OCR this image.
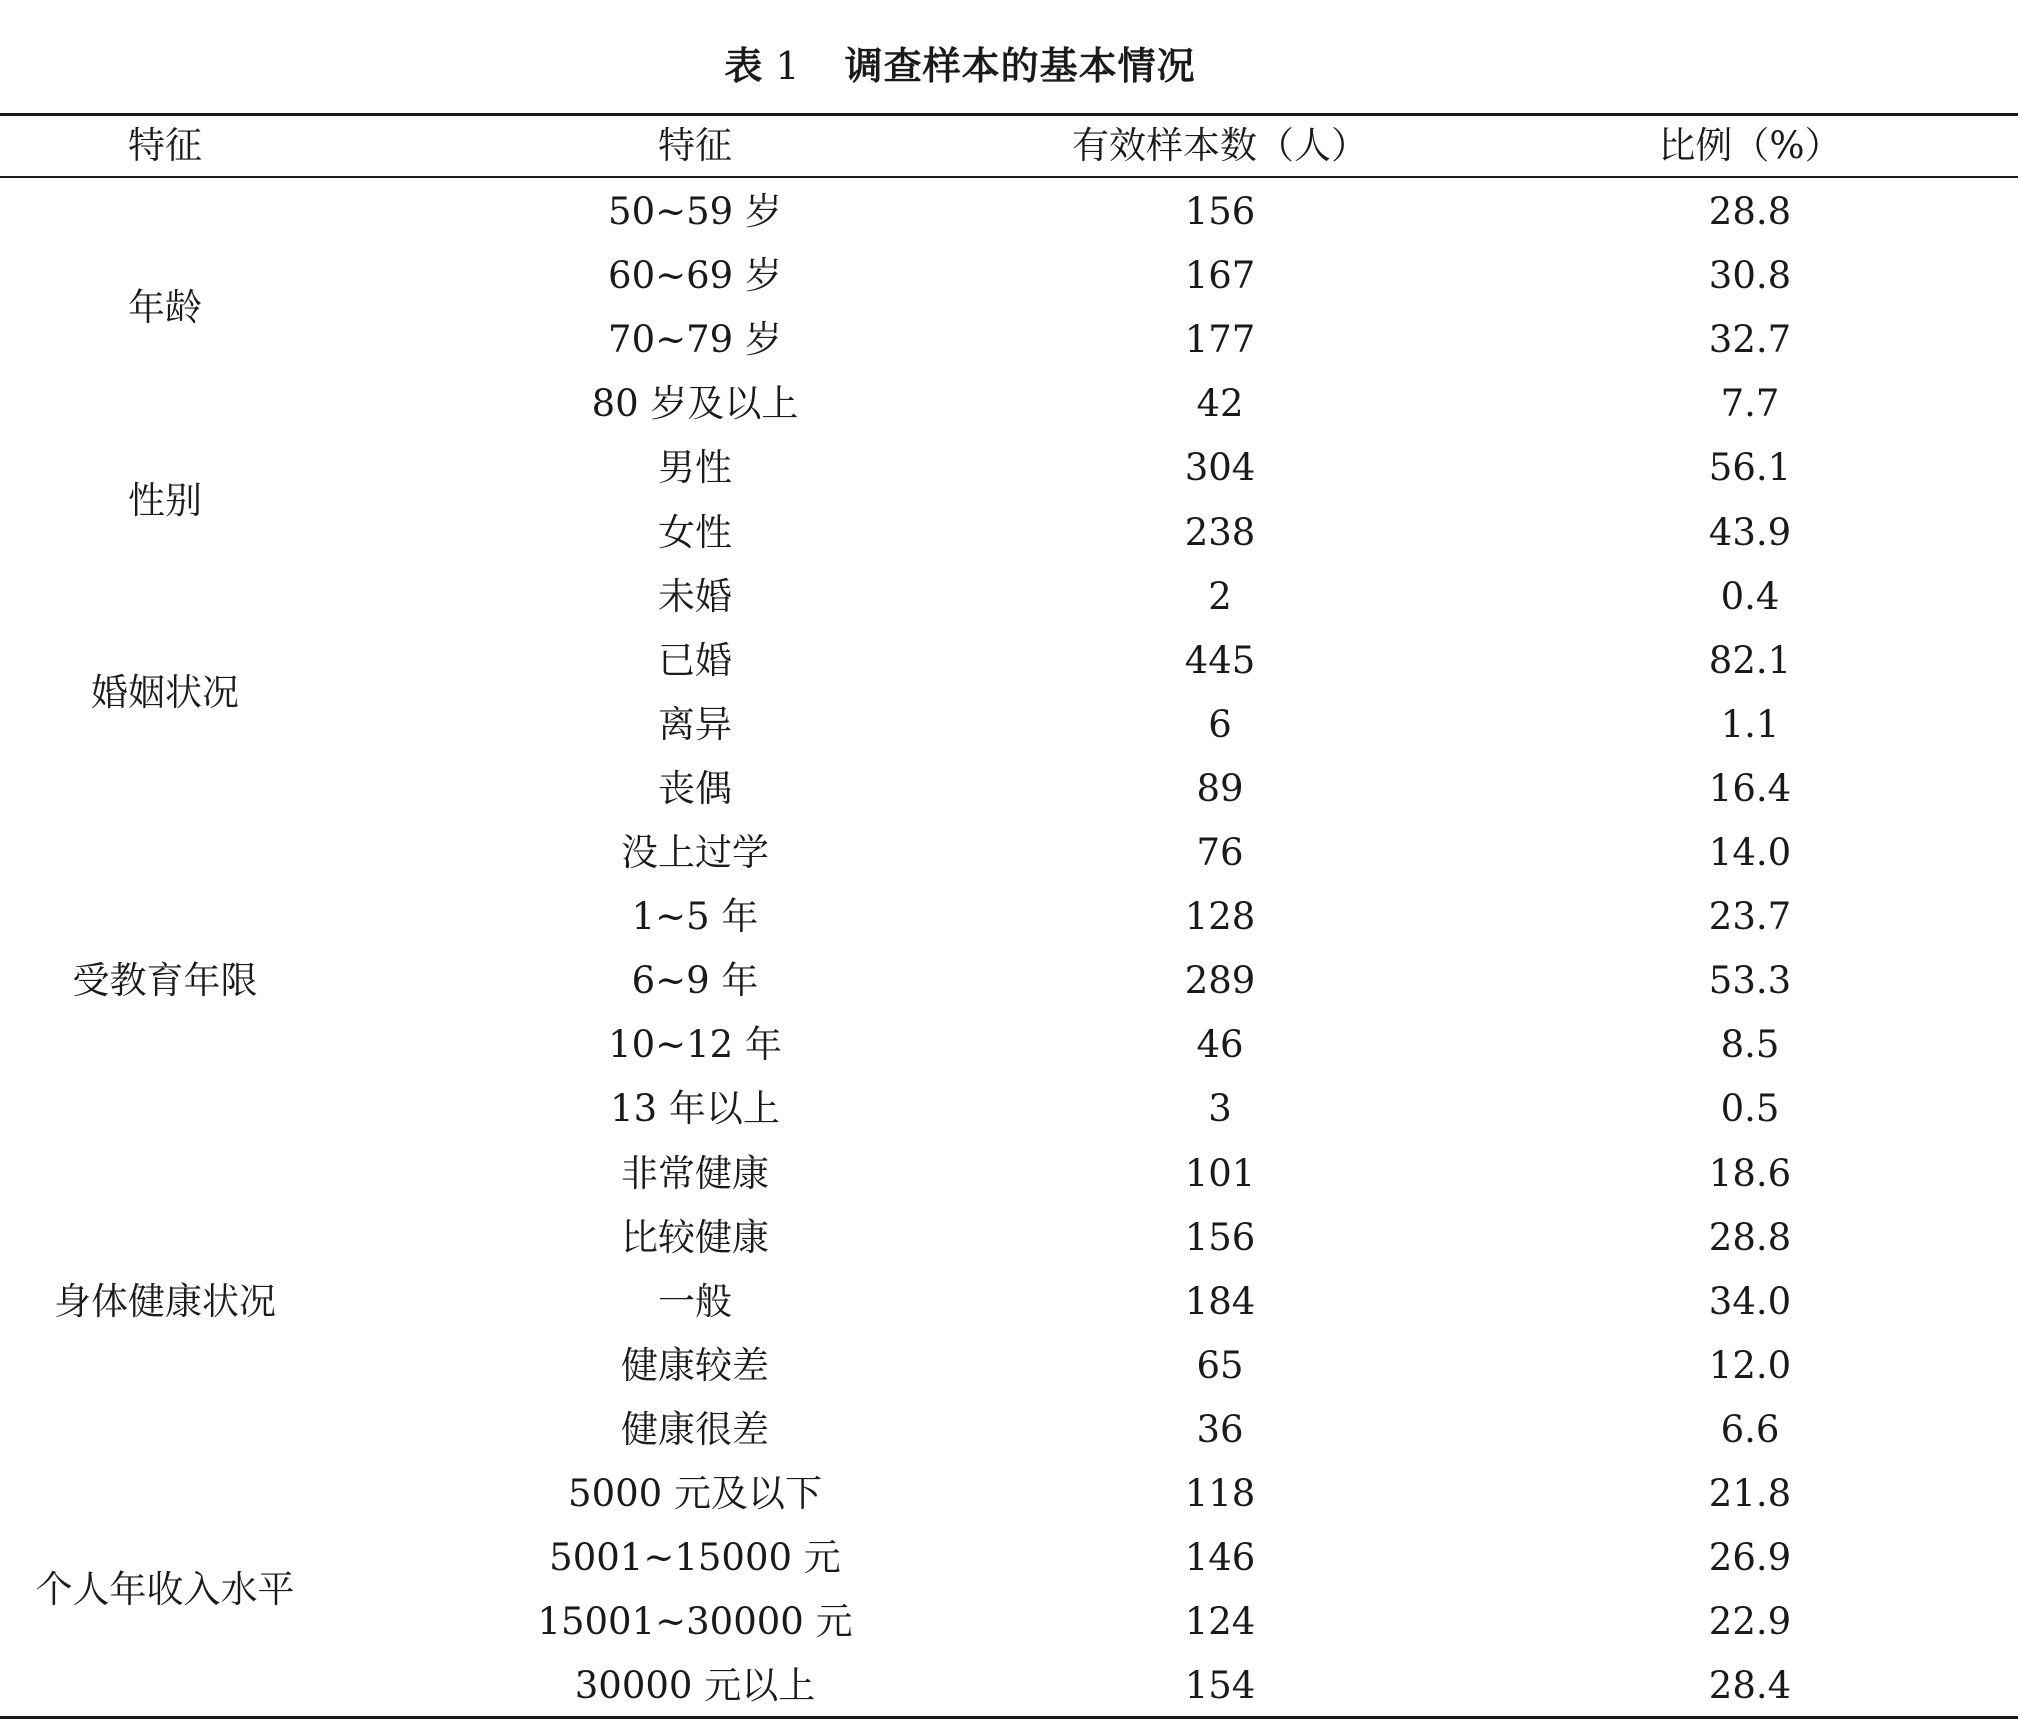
表 1 调查样本的基本情况
特征	特征	有效样本数（人）	比例（%）
年龄
50~59 岁	156	28.8
60~69 岁	167	30.8
70~79 岁	177	32.7
80 岁及以上	42	7.7
性别
男性	304	56.1
女性	238	43.9
婚姻状况
未婚	2	0.4
已婚	445	82.1
离异	6	1.1
丧偶	89	16.4
受教育年限
没上过学	76	14.0
1~5 年	128	23.7
6~9 年	289	53.3
10~12 年	46	8.5
13 年以上	3	0.5
身体健康状况
非常健康	101	18.6
比较健康	156	28.8
一般	184	34.0
健康较差	65	12.0
健康很差	36	6.6
个人年收入水平
5000 元及以下	118	21.8
5001~15000 元	146	26.9
15001~30000 元	124	22.9
30000 元以上	154	28.4
